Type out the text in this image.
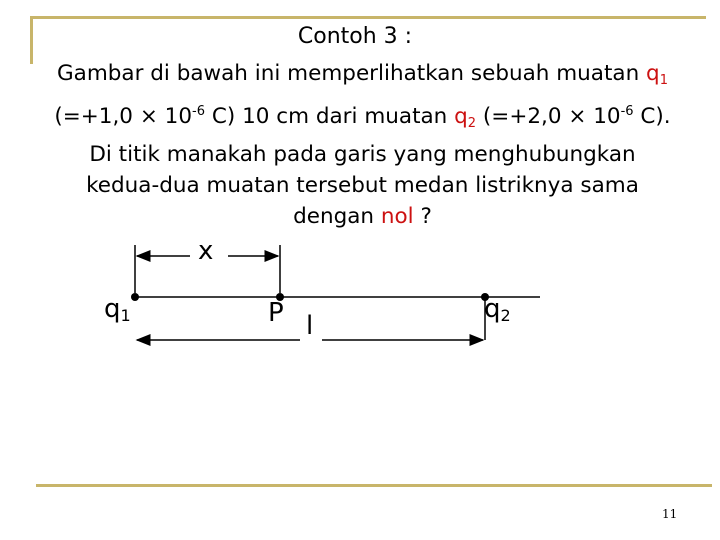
Contoh 3 :
Gambar di bawah ini memperlihatkan sebuah muatan $q_1$
($=+1,0 \times 10^{-6}$ C) 10 cm dari muatan $q_2$ ($=+2,0 \times 10^{-6}$ C).
Di titik manakah pada garis yang menghubungkan
kedua-dua muatan tersebut medan listriknya sama
dengan nol ?
x
$q_1$	P l
$q_2$
11
